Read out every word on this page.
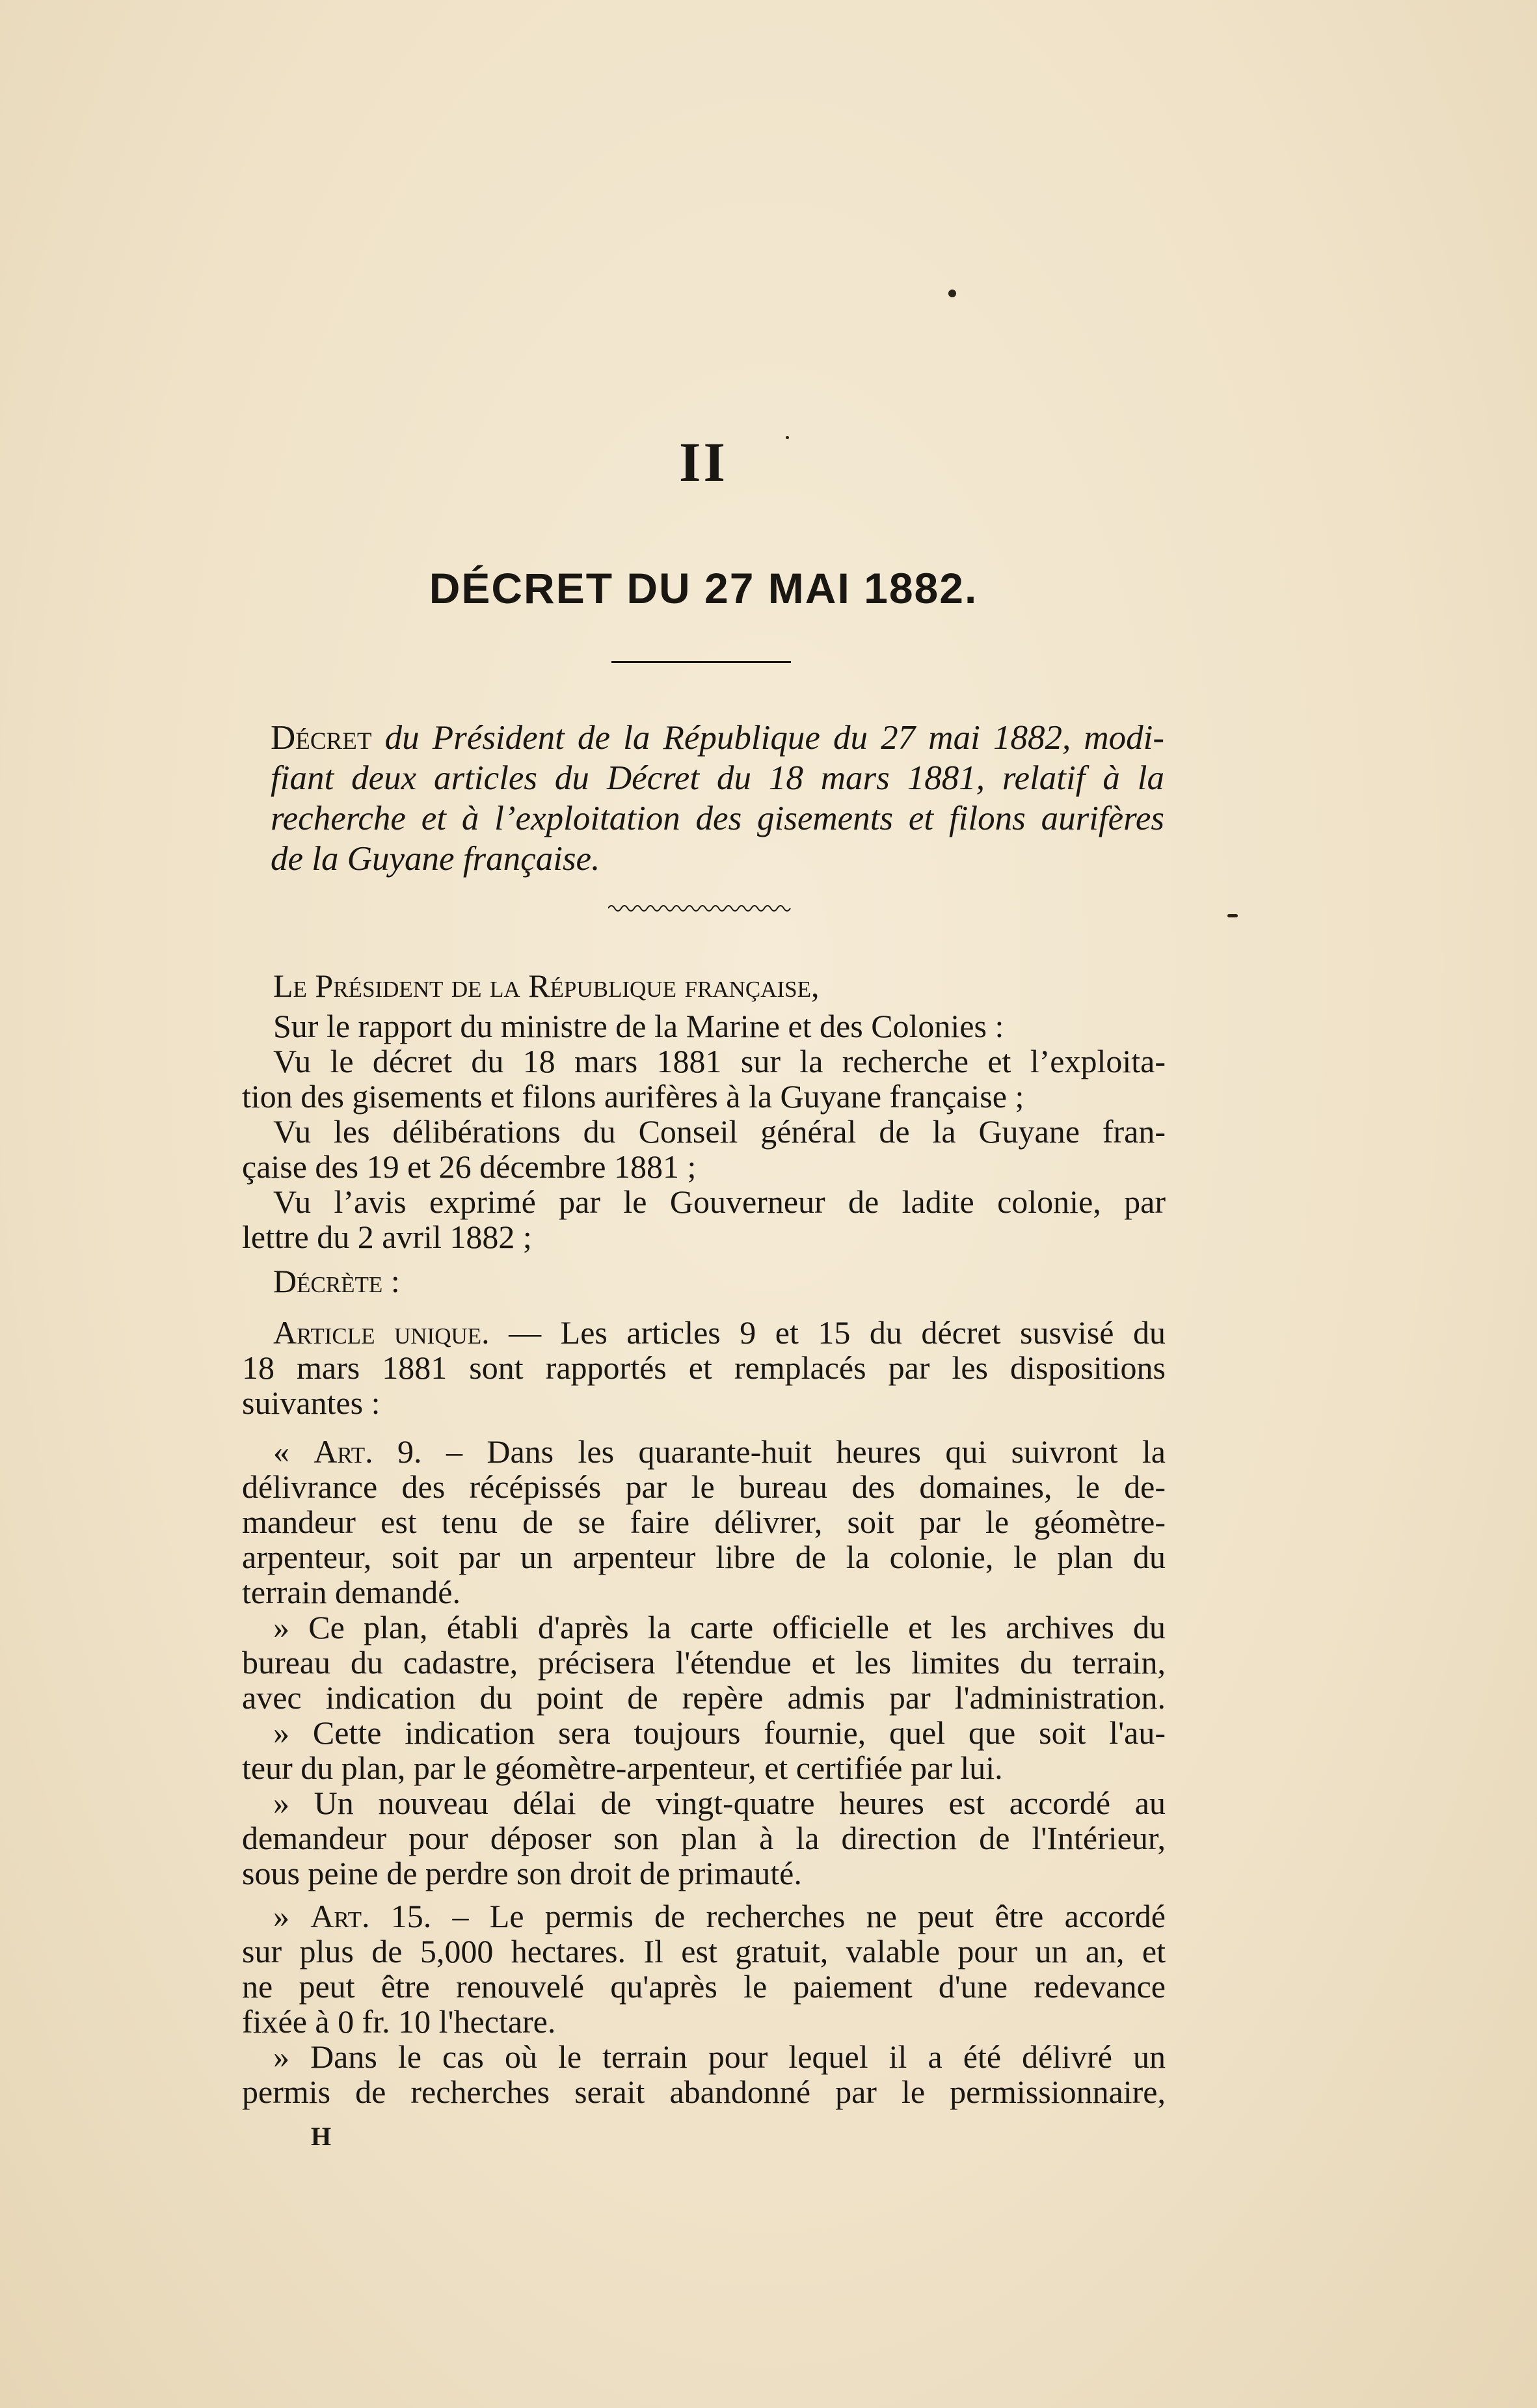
II
DÉCRET DU 27 MAI 1882.
Décret du Président de la République du 27 mai 1882, modi-
fiant deux articles du Décret du 18 mars 1881, relatif à la
recherche et à l’exploitation des gisements et filons aurifères
de la Guyane française.
Le Président de la République française,
Sur le rapport du ministre de la Marine et des Colonies :
Vu le décret du 18 mars 1881 sur la recherche et l’exploita-
tion des gisements et filons aurifères à la Guyane française ;
Vu les délibérations du Conseil général de la Guyane fran-
çaise des 19 et 26 décembre 1881 ;
Vu l’avis exprimé par le Gouverneur de ladite colonie, par
lettre du 2 avril 1882 ;
Décrète :
Article unique. — Les articles 9 et 15 du décret susvisé du
18 mars 1881 sont rapportés et remplacés par les dispositions
suivantes :
« Art. 9. – Dans les quarante-huit heures qui suivront la
délivrance des récépissés par le bureau des domaines, le de-
mandeur est tenu de se faire délivrer, soit par le géomètre-
arpenteur, soit par un arpenteur libre de la colonie, le plan du
terrain demandé.
» Ce plan, établi d'après la carte officielle et les archives du
bureau du cadastre, précisera l'étendue et les limites du terrain,
avec indication du point de repère admis par l'administration.
» Cette indication sera toujours fournie, quel que soit l'au-
teur du plan, par le géomètre-arpenteur, et certifiée par lui.
» Un nouveau délai de vingt-quatre heures est accordé au
demandeur pour déposer son plan à la direction de l'Intérieur,
sous peine de perdre son droit de primauté.
» Art. 15. – Le permis de recherches ne peut être accordé
sur plus de 5,000 hectares. Il est gratuit, valable pour un an, et
ne peut être renouvelé qu'après le paiement d'une redevance
fixée à 0 fr. 10 l'hectare.
» Dans le cas où le terrain pour lequel il a été délivré un
permis de recherches serait abandonné par le permissionnaire,
H
